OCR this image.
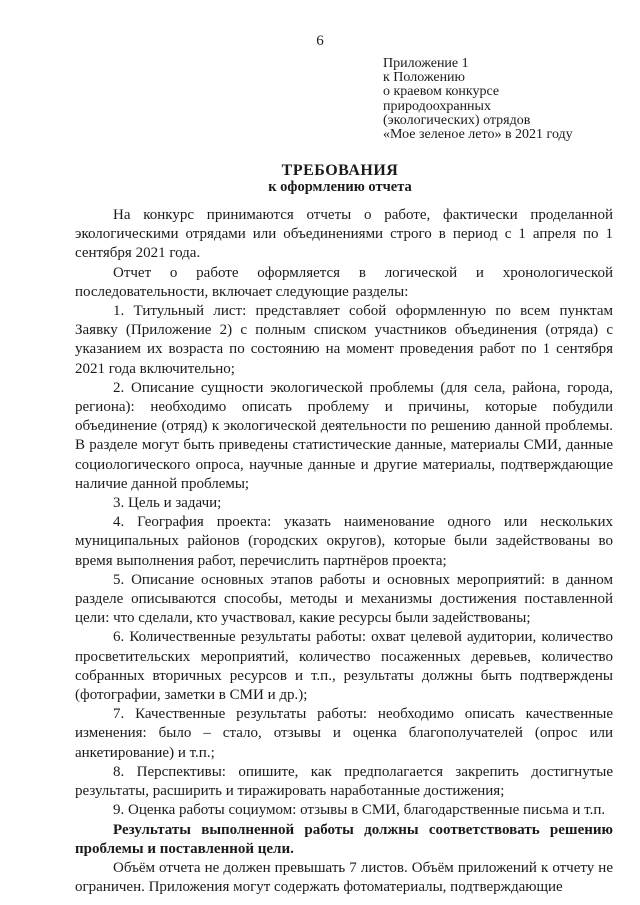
6
Приложение 1
к Положению
о краевом конкурсе
природоохранных
(экологических) отрядов
«Мое зеленое лето» в 2021 году
ТРЕБОВАНИЯ
к оформлению отчета

На конкурс принимаются отчеты о работе, фактически проделанной экологическими отрядами или объединениями строго в период с 1 апреля по 1 сентября 2021 года.

Отчет о работе оформляется в логической и хронологической последовательности, включает следующие разделы:

1. Титульный лист: представляет собой оформленную по всем пунктам Заявку (Приложение 2) с полным списком участников объединения (отряда) с указанием их возраста по состоянию на момент проведения работ по 1 сентября 2021 года включительно;

2. Описание сущности экологической проблемы (для села, района, города, региона): необходимо описать проблему и причины, которые побудили объединение (отряд) к экологической деятельности по решению данной проблемы. В разделе могут быть приведены статистические данные, материалы СМИ, данные социологического опроса, научные данные и другие материалы, подтверждающие наличие данной проблемы;

3. Цель и задачи;

4. География проекта: указать наименование одного или нескольких муниципальных районов (городских округов), которые были задействованы во время выполнения работ, перечислить партнёров проекта;

5. Описание основных этапов работы и основных мероприятий: в данном разделе описываются способы, методы и механизмы достижения поставленной цели: что сделали, кто участвовал, какие ресурсы были задействованы;

6. Количественные результаты работы: охват целевой аудитории, количество просветительских мероприятий, количество посаженных деревьев, количество собранных вторичных ресурсов и т.п., результаты должны быть подтверждены (фотографии, заметки в СМИ и др.);

7. Качественные результаты работы: необходимо описать качественные изменения: было – стало, отзывы и оценка благополучателей (опрос или анкетирование) и т.п.;

8. Перспективы: опишите, как предполагается закрепить достигнутые результаты, расширить и тиражировать наработанные достижения;

9. Оценка работы социумом: отзывы в СМИ, благодарственные письма и т.п.

Результаты выполненной работы должны соответствовать решению проблемы и поставленной цели.

Объём отчета не должен превышать 7 листов. Объём приложений к отчету не ограничен. Приложения могут содержать фотоматериалы, подтверждающие
